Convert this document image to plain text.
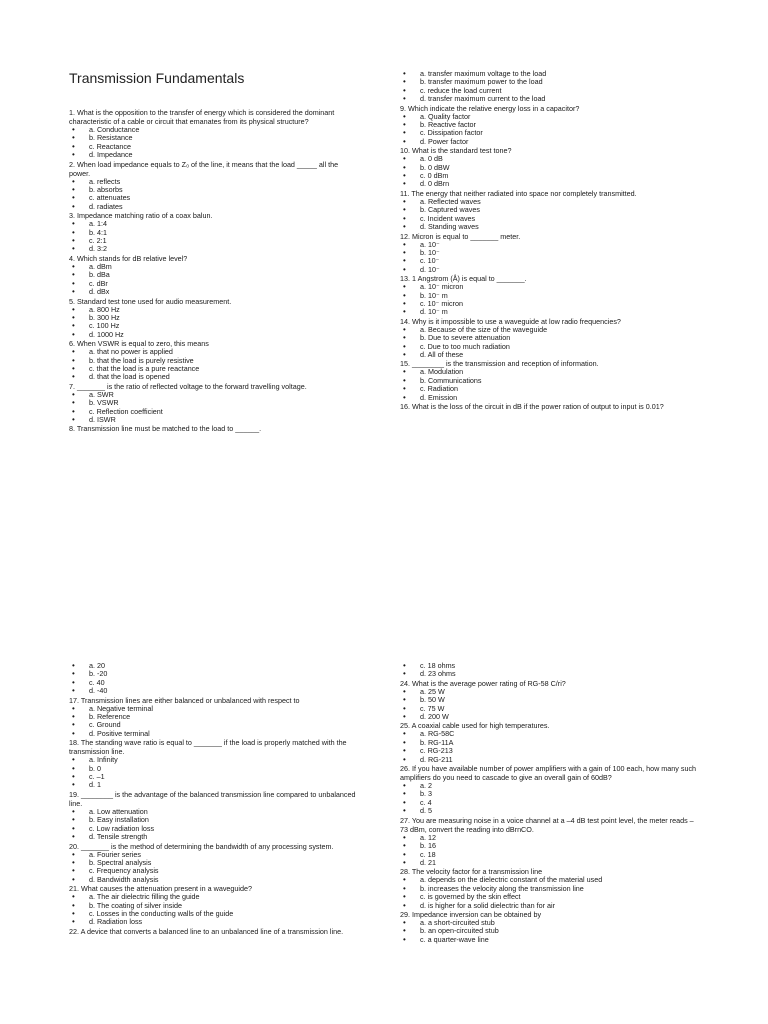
Transmission Fundamentals

1. What is the opposition to the transfer of energy which is considered the dominant characteristic of a cable or circuit that emanates from its physical structure?

• a. Conductance
• b. Resistance
• c. Reactance
• d. Impedance

2. When load impedance equals to Z₀ of the line, it means that the load _____ all the power.

• a. reflects
• b. absorbs
• c. attenuates
• d. radiates

3. Impedance matching ratio of a coax balun.

• a. 1:4
• b. 4:1
• c. 2:1
• d. 3:2

4. Which stands for dB relative level?

• a. dBm
• b. dBa
• c. dBr
• d. dBx

5. Standard test tone used for audio measurement.

• a. 800 Hz
• b. 300 Hz
• c. 100 Hz
• d. 1000 Hz

6. When VSWR is equal to zero, this means

• a. that no power is applied
• b. that the load is purely resistive
• c. that the load is a pure reactance
• d. that the load is opened

7. _______ is the ratio of reflected voltage to the forward travelling voltage.

• a. SWR
• b. VSWR
• c. Reflection coefficient
• d. ISWR

8. Transmission line must be matched to the load to ______.

• a. transfer maximum voltage to the load
• b. transfer maximum power to the load
• c. reduce the load current
• d. transfer maximum current to the load

9. Which indicate the relative energy loss in a capacitor?

• a. Quality factor
• b. Reactive factor
• c. Dissipation factor
• d. Power factor

10. What is the standard test tone?

• a. 0 dB
• b. 0 dBW
• c. 0 dBm
• d. 0 dBrn

11. The energy that neither radiated into space nor completely transmitted.

• a. Reflected waves
• b. Captured waves
• c. Incident waves
• d. Standing waves

12. Micron is equal to _______ meter.

• a. 10⁻
• b. 10⁻
• c. 10⁻
• d. 10⁻

13. 1 Angstrom (Å) is equal to _______.

• a. 10⁻ micron
• b. 10⁻ m
• c. 10⁻ micron
• d. 10⁻ m

14. Why is it impossible to use a waveguide at low radio frequencies?

• a. Because of the size of the waveguide
• b. Due to severe attenuation
• c. Due to too much radiation
• d. All of these

15. ________ is the transmission and reception of information.

• a. Modulation
• b. Communications
• c. Radiation
• d. Emission

16. What is the loss of the circuit in dB if the power ration of output to input is 0.01?

• a. 20
• b. -20
• c. 40
• d. -40

17. Transmission lines are either balanced or unbalanced with respect to

• a. Negative terminal
• b. Reference
• c. Ground
• d. Positive terminal

18. The standing wave ratio is equal to _______ if the load is properly matched with the transmission line.

• a. Infinity
• b. 0
• c. –1
• d. 1

19. ________ is the advantage of the balanced transmission line compared to unbalanced line.

• a. Low attenuation
• b. Easy installation
• c. Low radiation loss
• d. Tensile strength

20. _______ is the method of determining the bandwidth of any processing system.

• a. Fourier series
• b. Spectral analysis
• c. Frequency analysis
• d. Bandwidth analysis

21. What causes the attenuation present in a waveguide?

• a. The air dielectric filling the guide
• b. The coating of silver inside
• c. Losses in the conducting walls of the guide
• d. Radiation loss

22. A device that converts a balanced line to an unbalanced line of a transmission line.

• c. 18 ohms
• d. 23 ohms

24. What is the average power rating of RG-58 C/ri?

• a. 25 W
• b. 50 W
• c. 75 W
• d. 200 W

25. A coaxial cable used for high temperatures.

• a. RG-58C
• b. RG-11A
• c. RG-213
• d. RG-211

26. If you have available number of power amplifiers with a gain of 100 each, how many such amplifiers do you need to cascade to give an overall gain of 60dB?

• a. 2
• b. 3
• c. 4
• d. 5

27. You are measuring noise in a voice channel at a –4 dB test point level, the meter reads –73 dBm, convert the reading into dBrnCO.

• a. 12
• b. 16
• c. 18
• d. 21

28. The velocity factor for a transmission line

• a. depends on the dielectric constant of the material used
• b. increases the velocity along the transmission line
• c. is governed by the skin effect
• d. is higher for a solid dielectric than for air

29. Impedance inversion can be obtained by

• a. a short-circuited stub
• b. an open-circuited stub
• c. a quarter-wave line
